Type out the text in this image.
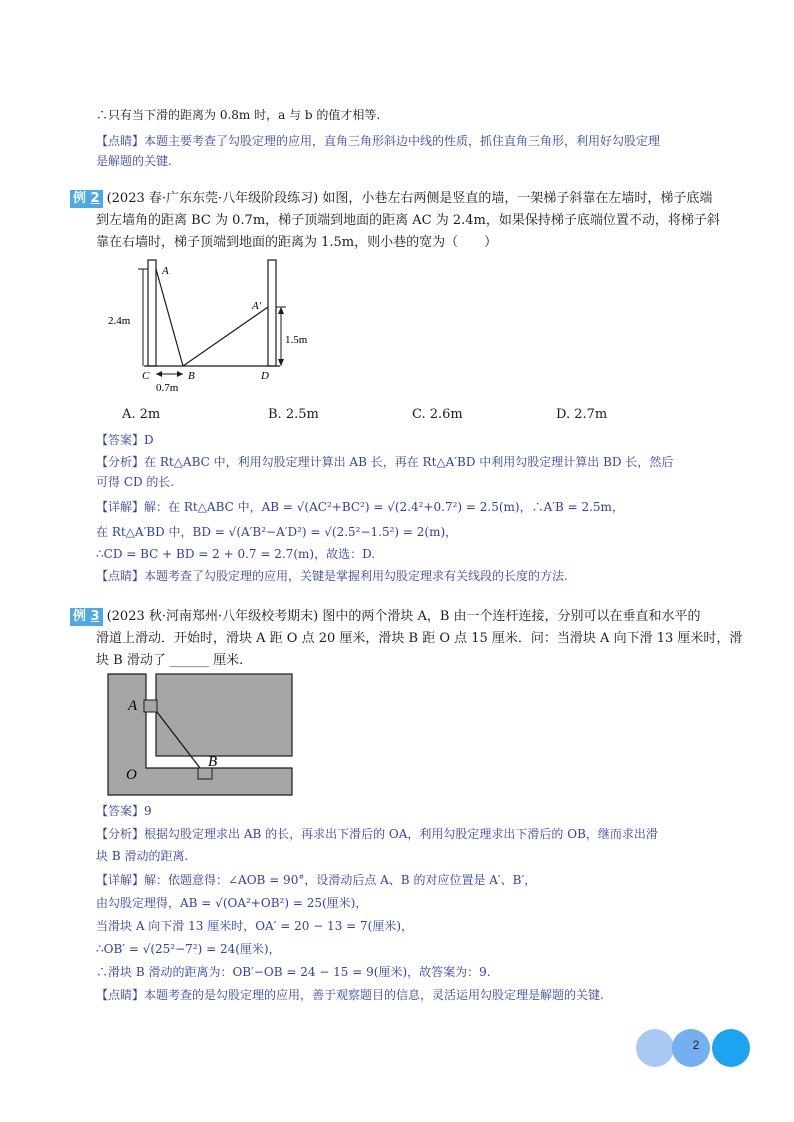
∴只有当下滑的距离为 0.8m 时，a 与 b 的值才相等.
【点睛】本题主要考查了勾股定理的应用，直角三角形斜边中线的性质，抓住直角三角形，利用好勾股定理
是解题的关键.
例 2 (2023 春·广东东莞·八年级阶段练习) 如图，小巷左右两侧是竖直的墙，一架梯子斜靠在左墙时，梯子底端
到左墙角的距离 BC 为 0.7m，梯子顶端到地面的距离 AC 为 2.4m，如果保持梯子底端位置不动，将梯子斜
靠在右墙时，梯子顶端到地面的距离为 1.5m，则小巷的宽为（　　）
A
A′
C	B	D
2.4m
1.5m
0.7m
A. 2m	B. 2.5m	C. 2.6m	D. 2.7m
【答案】D
【分析】在 Rt△ABC 中，利用勾股定理计算出 AB 长，再在 Rt△A′BD 中利用勾股定理计算出 BD 长，然后
可得 CD 的长.
【详解】解：在 Rt△ABC 中，AB = √(AC²+BC²) = √(2.4²+0.7²) = 2.5(m)，∴A′B = 2.5m，
在 Rt△A′BD 中，BD = √(A′B²−A′D²) = √(2.5²−1.5²) = 2(m)，
∴CD = BC + BD = 2 + 0.7 = 2.7(m)，故选：D.
【点睛】本题考查了勾股定理的应用，关键是掌握利用勾股定理求有关线段的长度的方法.
例 3 (2023 秋·河南郑州·八年级校考期末) 图中的两个滑块 A，B 由一个连杆连接，分别可以在垂直和水平的
滑道上滑动．开始时，滑块 A 距 O 点 20 厘米，滑块 B 距 O 点 15 厘米．问：当滑块 A 向下滑 13 厘米时，滑
块 B 滑动了 ______ 厘米.
A
B
O
【答案】9
【分析】根据勾股定理求出 AB 的长，再求出下滑后的 OA，利用勾股定理求出下滑后的 OB，继而求出滑
块 B 滑动的距离.
【详解】解：依题意得：∠AOB = 90°，设滑动后点 A、B 的对应位置是 A′、B′，
由勾股定理得，AB = √(OA²+OB²) = 25(厘米)，
当滑块 A 向下滑 13 厘米时，OA′ = 20 − 13 = 7(厘米)，
∴OB′ = √(25²−7²) = 24(厘米)，
∴滑块 B 滑动的距离为：OB′−OB = 24 − 15 = 9(厘米)，故答案为：9.
【点睛】本题考查的是勾股定理的应用，善于观察题目的信息，灵活运用勾股定理是解题的关键.
2
